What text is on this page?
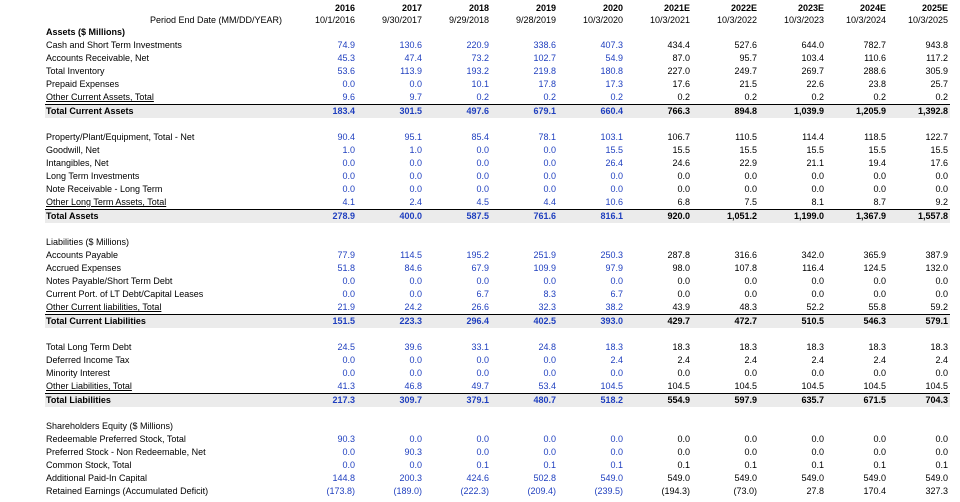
	2016	2017	2018	2019	2020	2021E	2022E	2023E	2024E	2025E
Period End Date (MM/DD/YEAR)	10/1/2016	9/30/2017	9/29/2018	9/28/2019	10/3/2020	10/3/2021	10/3/2022	10/3/2023	10/3/2024	10/3/2025
Assets ($ Millions)										
Cash and Short Term Investments	74.9	130.6	220.9	338.6	407.3	434.4	527.6	644.0	782.7	943.8
Accounts Receivable, Net	45.3	47.4	73.2	102.7	54.9	87.0	95.7	103.4	110.6	117.2
Total Inventory	53.6	113.9	193.2	219.8	180.8	227.0	249.7	269.7	288.6	305.9
Prepaid Expenses	0.0	0.0	10.1	17.8	17.3	17.6	21.5	22.6	23.8	25.7
Other Current Assets, Total	9.6	9.7	0.2	0.2	0.2	0.2	0.2	0.2	0.2	0.2
Total Current Assets	183.4	301.5	497.6	679.1	660.4	766.3	894.8	1,039.9	1,205.9	1,392.8

Property/Plant/Equipment, Total - Net	90.4	95.1	85.4	78.1	103.1	106.7	110.5	114.4	118.5	122.7
Goodwill, Net	1.0	1.0	0.0	0.0	15.5	15.5	15.5	15.5	15.5	15.5
Intangibles, Net	0.0	0.0	0.0	0.0	26.4	24.6	22.9	21.1	19.4	17.6
Long Term Investments	0.0	0.0	0.0	0.0	0.0	0.0	0.0	0.0	0.0	0.0
Note Receivable - Long Term	0.0	0.0	0.0	0.0	0.0	0.0	0.0	0.0	0.0	0.0
Other Long Term Assets, Total	4.1	2.4	4.5	4.4	10.6	6.8	7.5	8.1	8.7	9.2
Total Assets	278.9	400.0	587.5	761.6	816.1	920.0	1,051.2	1,199.0	1,367.9	1,557.8

Liabilities ($ Millions)										
Accounts Payable	77.9	114.5	195.2	251.9	250.3	287.8	316.6	342.0	365.9	387.9
Accrued Expenses	51.8	84.6	67.9	109.9	97.9	98.0	107.8	116.4	124.5	132.0
Notes Payable/Short Term Debt	0.0	0.0	0.0	0.0	0.0	0.0	0.0	0.0	0.0	0.0
Current Port. of LT Debt/Capital Leases	0.0	0.0	6.7	8.3	6.7	0.0	0.0	0.0	0.0	0.0
Other Current liabilities, Total	21.9	24.2	26.6	32.3	38.2	43.9	48.3	52.2	55.8	59.2
Total Current Liabilities	151.5	223.3	296.4	402.5	393.0	429.7	472.7	510.5	546.3	579.1

Total Long Term Debt	24.5	39.6	33.1	24.8	18.3	18.3	18.3	18.3	18.3	18.3
Deferred Income Tax	0.0	0.0	0.0	0.0	2.4	2.4	2.4	2.4	2.4	2.4
Minority Interest	0.0	0.0	0.0	0.0	0.0	0.0	0.0	0.0	0.0	0.0
Other Liabilities, Total	41.3	46.8	49.7	53.4	104.5	104.5	104.5	104.5	104.5	104.5
Total Liabilities	217.3	309.7	379.1	480.7	518.2	554.9	597.9	635.7	671.5	704.3

Shareholders Equity ($ Millions)										
Redeemable Preferred Stock, Total	90.3	0.0	0.0	0.0	0.0	0.0	0.0	0.0	0.0	0.0
Preferred Stock - Non Redeemable, Net	0.0	90.3	0.0	0.0	0.0	0.0	0.0	0.0	0.0	0.0
Common Stock, Total	0.0	0.0	0.1	0.1	0.1	0.1	0.1	0.1	0.1	0.1
Additional Paid-In Capital	144.8	200.3	424.6	502.8	549.0	549.0	549.0	549.0	549.0	549.0
Retained Earnings (Accumulated Deficit)	(173.8)	(189.0)	(222.3)	(209.4)	(239.5)	(194.3)	(73.0)	27.8	170.4	327.3
